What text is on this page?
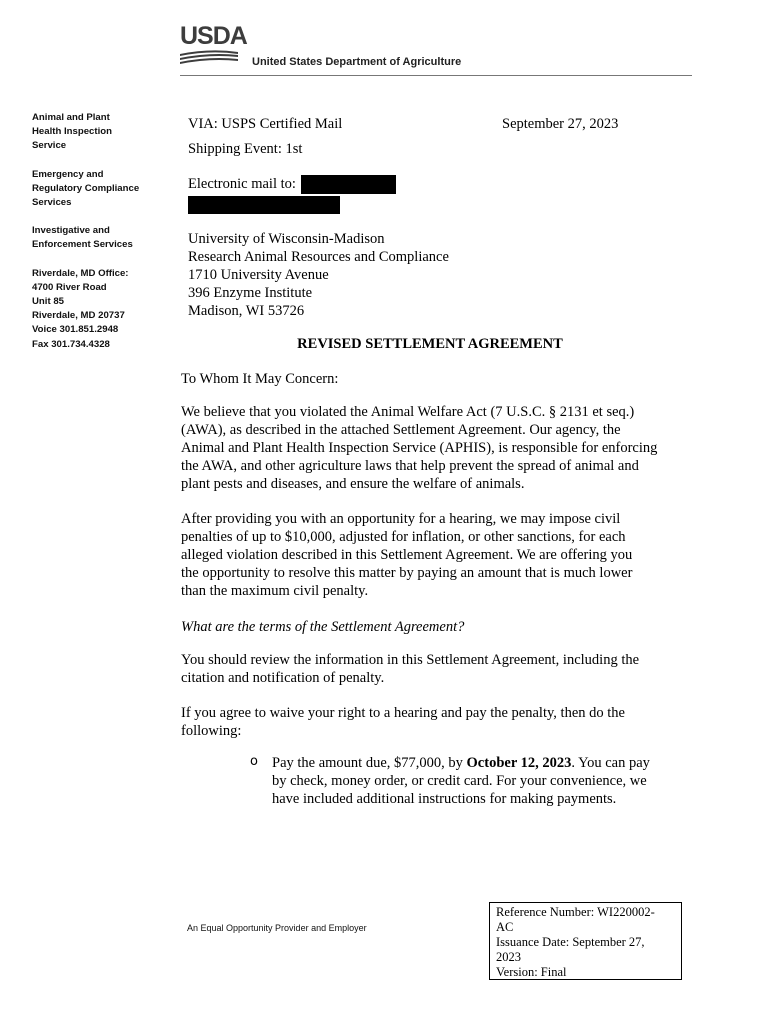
USDA
United States Department of Agriculture
Animal and Plant
Health Inspection
Service
Emergency and
Regulatory Compliance
Services
Investigative and
Enforcement Services
Riverdale, MD Office:
4700 River Road
Unit 85
Riverdale, MD 20737
Voice 301.851.2948
Fax 301.734.4328
VIA: USPS Certified Mail	September 27, 2023
Shipping Event: 1st
Electronic mail to:
University of Wisconsin-Madison
Research Animal Resources and Compliance
1710 University Avenue
396 Enzyme Institute
Madison, WI 53726
REVISED SETTLEMENT AGREEMENT
To Whom It May Concern:
We believe that you violated the Animal Welfare Act (7 U.S.C. § 2131 et seq.)
(AWA), as described in the attached Settlement Agreement. Our agency, the
Animal and Plant Health Inspection Service (APHIS), is responsible for enforcing
the AWA, and other agriculture laws that help prevent the spread of animal and
plant pests and diseases, and ensure the welfare of animals.
After providing you with an opportunity for a hearing, we may impose civil
penalties of up to $10,000, adjusted for inflation, or other sanctions, for each
alleged violation described in this Settlement Agreement. We are offering you
the opportunity to resolve this matter by paying an amount that is much lower
than the maximum civil penalty.
What are the terms of the Settlement Agreement?
You should review the information in this Settlement Agreement, including the
citation and notification of penalty.
If you agree to waive your right to a hearing and pay the penalty, then do the
following:
o Pay the amount due, $77,000, by October 12, 2023. You can pay
by check, money order, or credit card. For your convenience, we
have included additional instructions for making payments.
An Equal Opportunity Provider and Employer
Reference Number: WI220002-
AC
Issuance Date: September 27,
2023
Version: Final
